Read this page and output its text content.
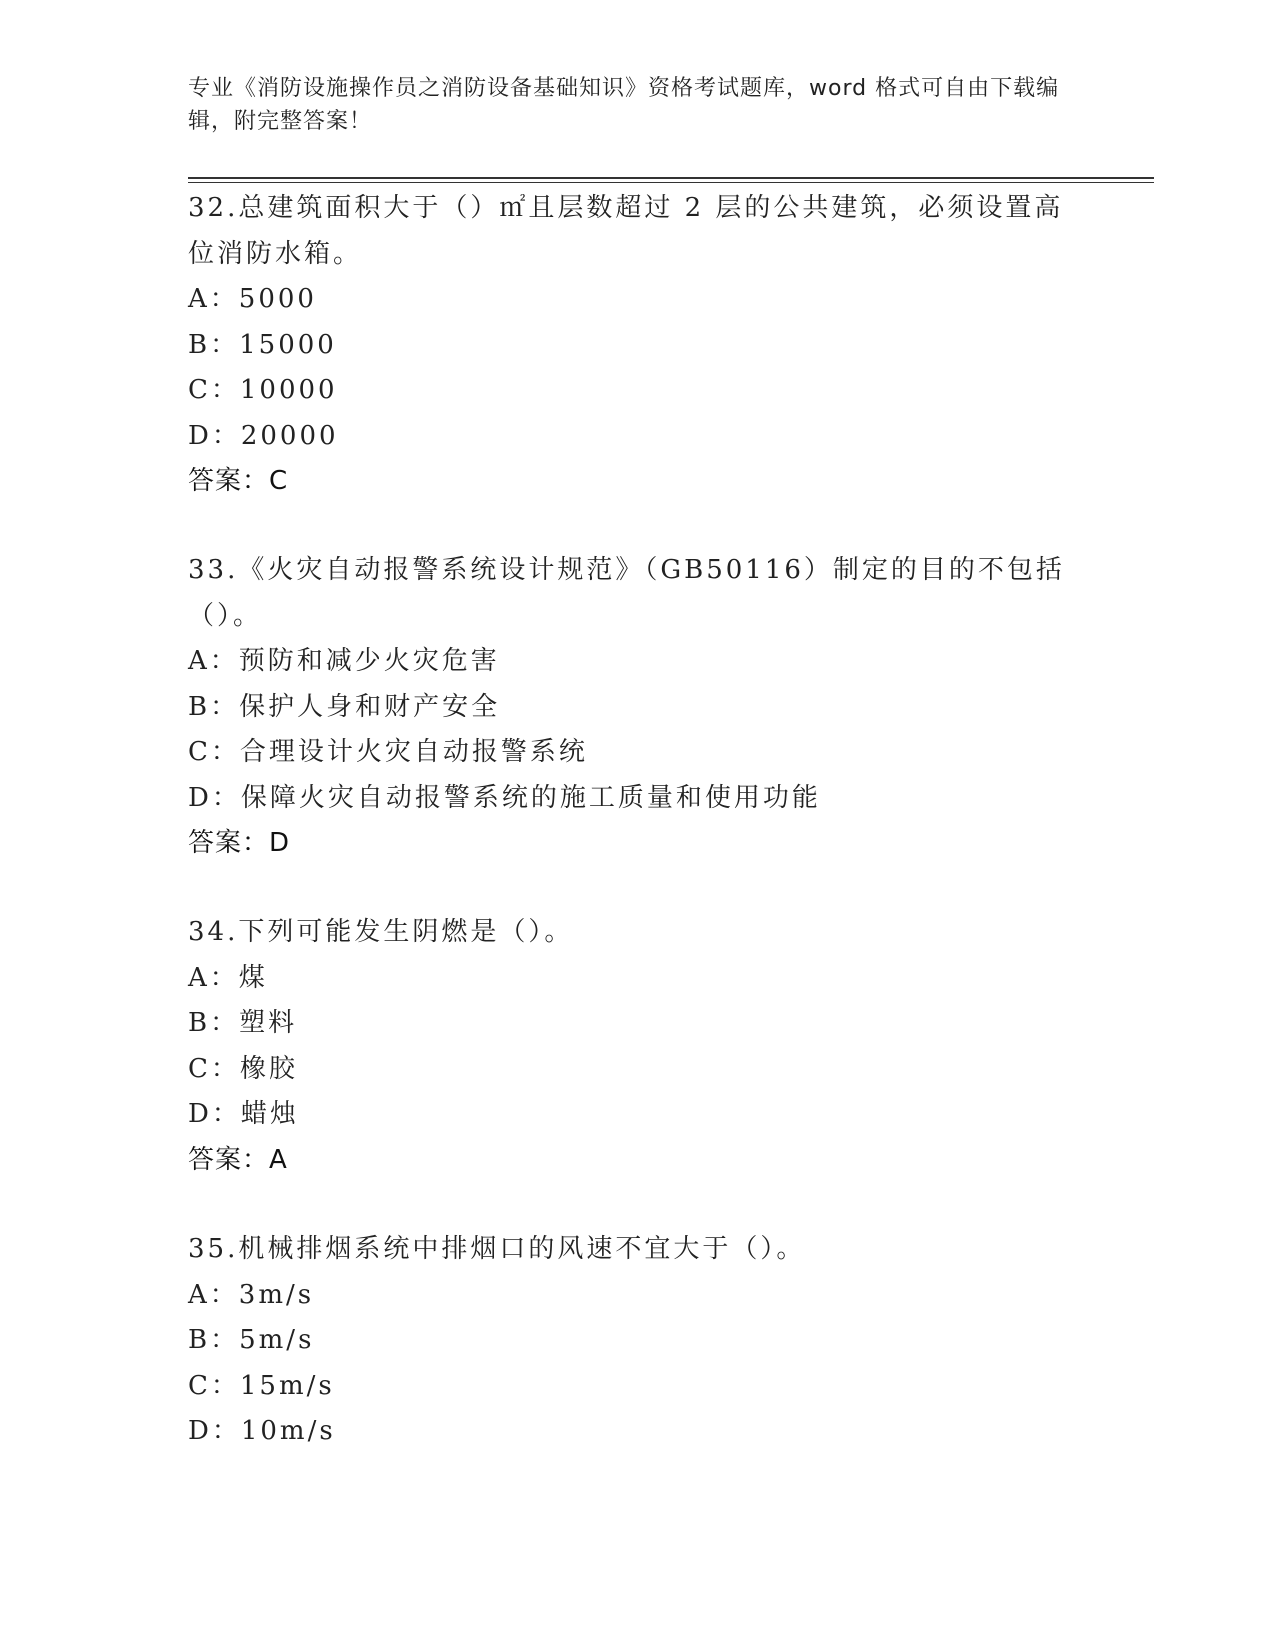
专业《消防设施操作员之消防设备基础知识》资格考试题库，word 格式可自由下载编辑，附完整答案！
32.总建筑面积大于（）㎡且层数超过 2 层的公共建筑，必须设置高位消防水箱。
A：5000
B：15000
C：10000
D：20000
答案：C
33.《火灾自动报警系统设计规范》（GB50116）制定的目的不包括（）。
A：预防和减少火灾危害
B：保护人身和财产安全
C：合理设计火灾自动报警系统
D：保障火灾自动报警系统的施工质量和使用功能
答案：D
34.下列可能发生阴燃是（）。
A：煤
B：塑料
C：橡胶
D：蜡烛
答案：A
35.机械排烟系统中排烟口的风速不宜大于（）。
A：3m/s
B：5m/s
C：15m/s
D：10m/s
